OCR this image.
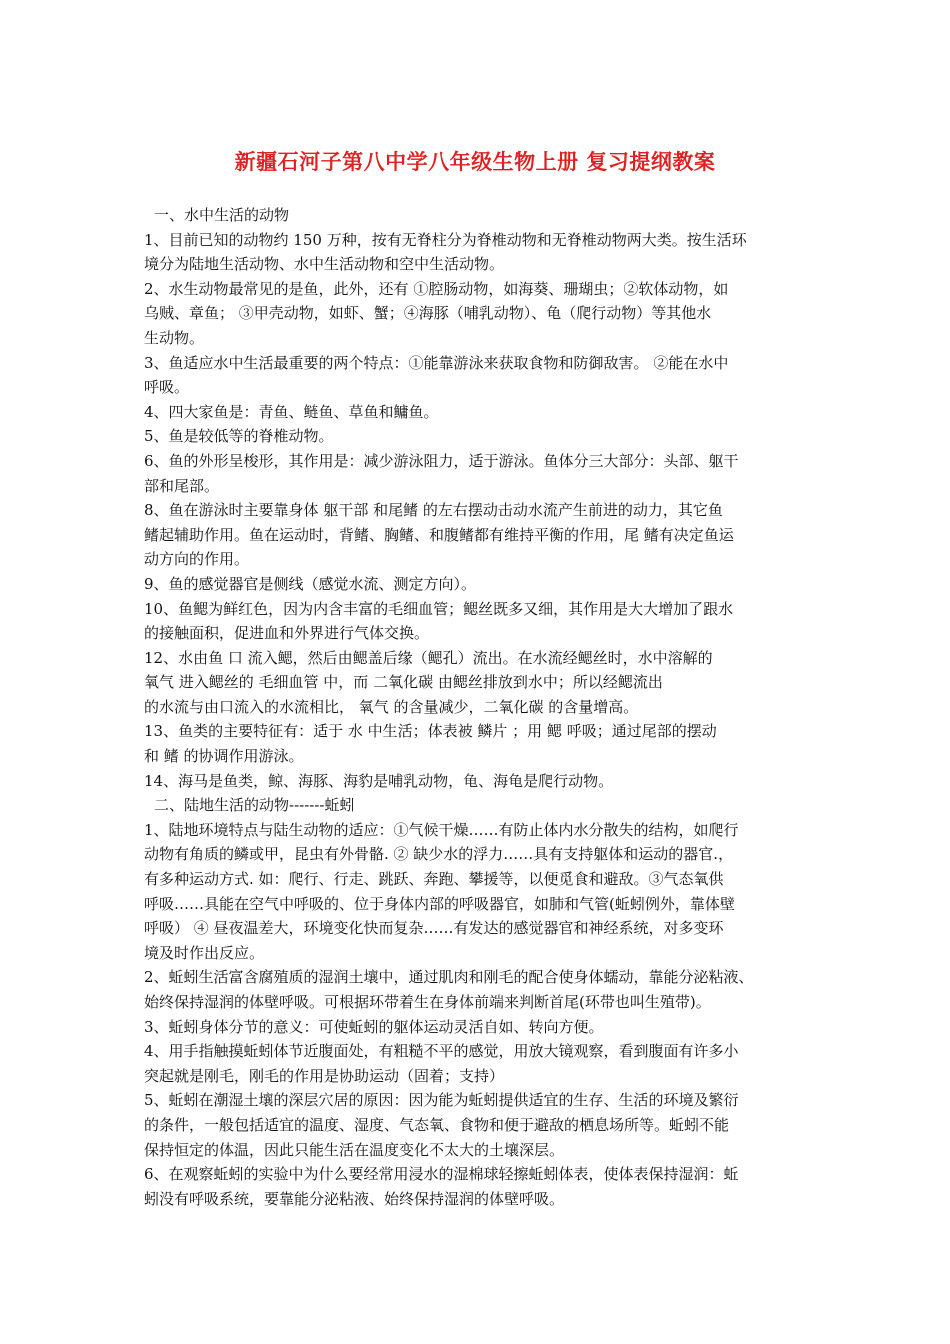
新疆石河子第八中学八年级生物上册 复习提纲教案
一、水中生活的动物
1、目前已知的动物约 150 万种，按有无脊柱分为脊椎动物和无脊椎动物两大类。按生活环
境分为陆地生活动物、水中生活动物和空中生活动物。
2、水生动物最常见的是鱼，此外，还有 ①腔肠动物，如海葵、珊瑚虫；②软体动物，如
乌贼、章鱼； ③甲壳动物，如虾、蟹；④海豚（哺乳动物）、龟（爬行动物）等其他水
生动物。
3、鱼适应水中生活最重要的两个特点：①能靠游泳来获取食物和防御敌害。 ②能在水中
呼吸。
4、四大家鱼是：青鱼、鲢鱼、草鱼和鳙鱼。
5、鱼是较低等的脊椎动物。
6、鱼的外形呈梭形，其作用是：减少游泳阻力，适于游泳。鱼体分三大部分：头部、躯干
部和尾部。
8、鱼在游泳时主要靠身体 躯干部 和尾鳍 的左右摆动击动水流产生前进的动力，其它鱼
鳍起辅助作用。鱼在运动时，背鳍、胸鳍、和腹鳍都有维持平衡的作用，尾 鳍有决定鱼运
动方向的作用。
9、鱼的感觉器官是侧线（感觉水流、测定方向）。
10、鱼鳃为鲜红色，因为内含丰富的毛细血管；鳃丝既多又细，其作用是大大增加了跟水
的接触面积，促进血和外界进行气体交换。
12、水由鱼 口 流入鳃，然后由鳃盖后缘（鳃孔）流出。在水流经鳃丝时，水中溶解的
氧气 进入鳃丝的 毛细血管 中，而 二氧化碳 由鳃丝排放到水中；所以经鳃流出
的水流与由口流入的水流相比， 氧气 的含量减少，二氧化碳 的含量增高。
13、鱼类的主要特征有：适于 水 中生活；体表被 鳞片 ；用 鳃 呼吸；通过尾部的摆动
和 鳍 的协调作用游泳。
14、海马是鱼类，鲸、海豚、海豹是哺乳动物，龟、海龟是爬行动物。
二、陆地生活的动物-------蚯蚓
1、陆地环境特点与陆生动物的适应：①气候干燥……有防止体内水分散失的结构，如爬行
动物有角质的鳞或甲，昆虫有外骨骼. ② 缺少水的浮力……具有支持躯体和运动的器官.，
有多种运动方式. 如：爬行、行走、跳跃、奔跑、攀援等，以便觅食和避敌。③气态氧供
呼吸……具能在空气中呼吸的、位于身体内部的呼吸器官，如肺和气管(蚯蚓例外，靠体壁
呼吸） ④ 昼夜温差大，环境变化快而复杂……有发达的感觉器官和神经系统，对多变环
境及时作出反应。
2、蚯蚓生活富含腐殖质的湿润土壤中，通过肌肉和刚毛的配合使身体蠕动，靠能分泌粘液、
始终保持湿润的体壁呼吸。可根据环带着生在身体前端来判断首尾(环带也叫生殖带)。
3、蚯蚓身体分节的意义：可使蚯蚓的躯体运动灵活自如、转向方便。
4、用手指触摸蚯蚓体节近腹面处，有粗糙不平的感觉，用放大镜观察，看到腹面有许多小
突起就是刚毛，刚毛的作用是协助运动（固着；支持）
5、蚯蚓在潮湿土壤的深层穴居的原因：因为能为蚯蚓提供适宜的生存、生活的环境及繁衍
的条件，一般包括适宜的温度、湿度、气态氧、食物和便于避敌的栖息场所等。蚯蚓不能
保持恒定的体温，因此只能生活在温度变化不太大的土壤深层。
6、在观察蚯蚓的实验中为什么要经常用浸水的湿棉球轻擦蚯蚓体表，使体表保持湿润：蚯
蚓没有呼吸系统，要靠能分泌粘液、始终保持湿润的体壁呼吸。
